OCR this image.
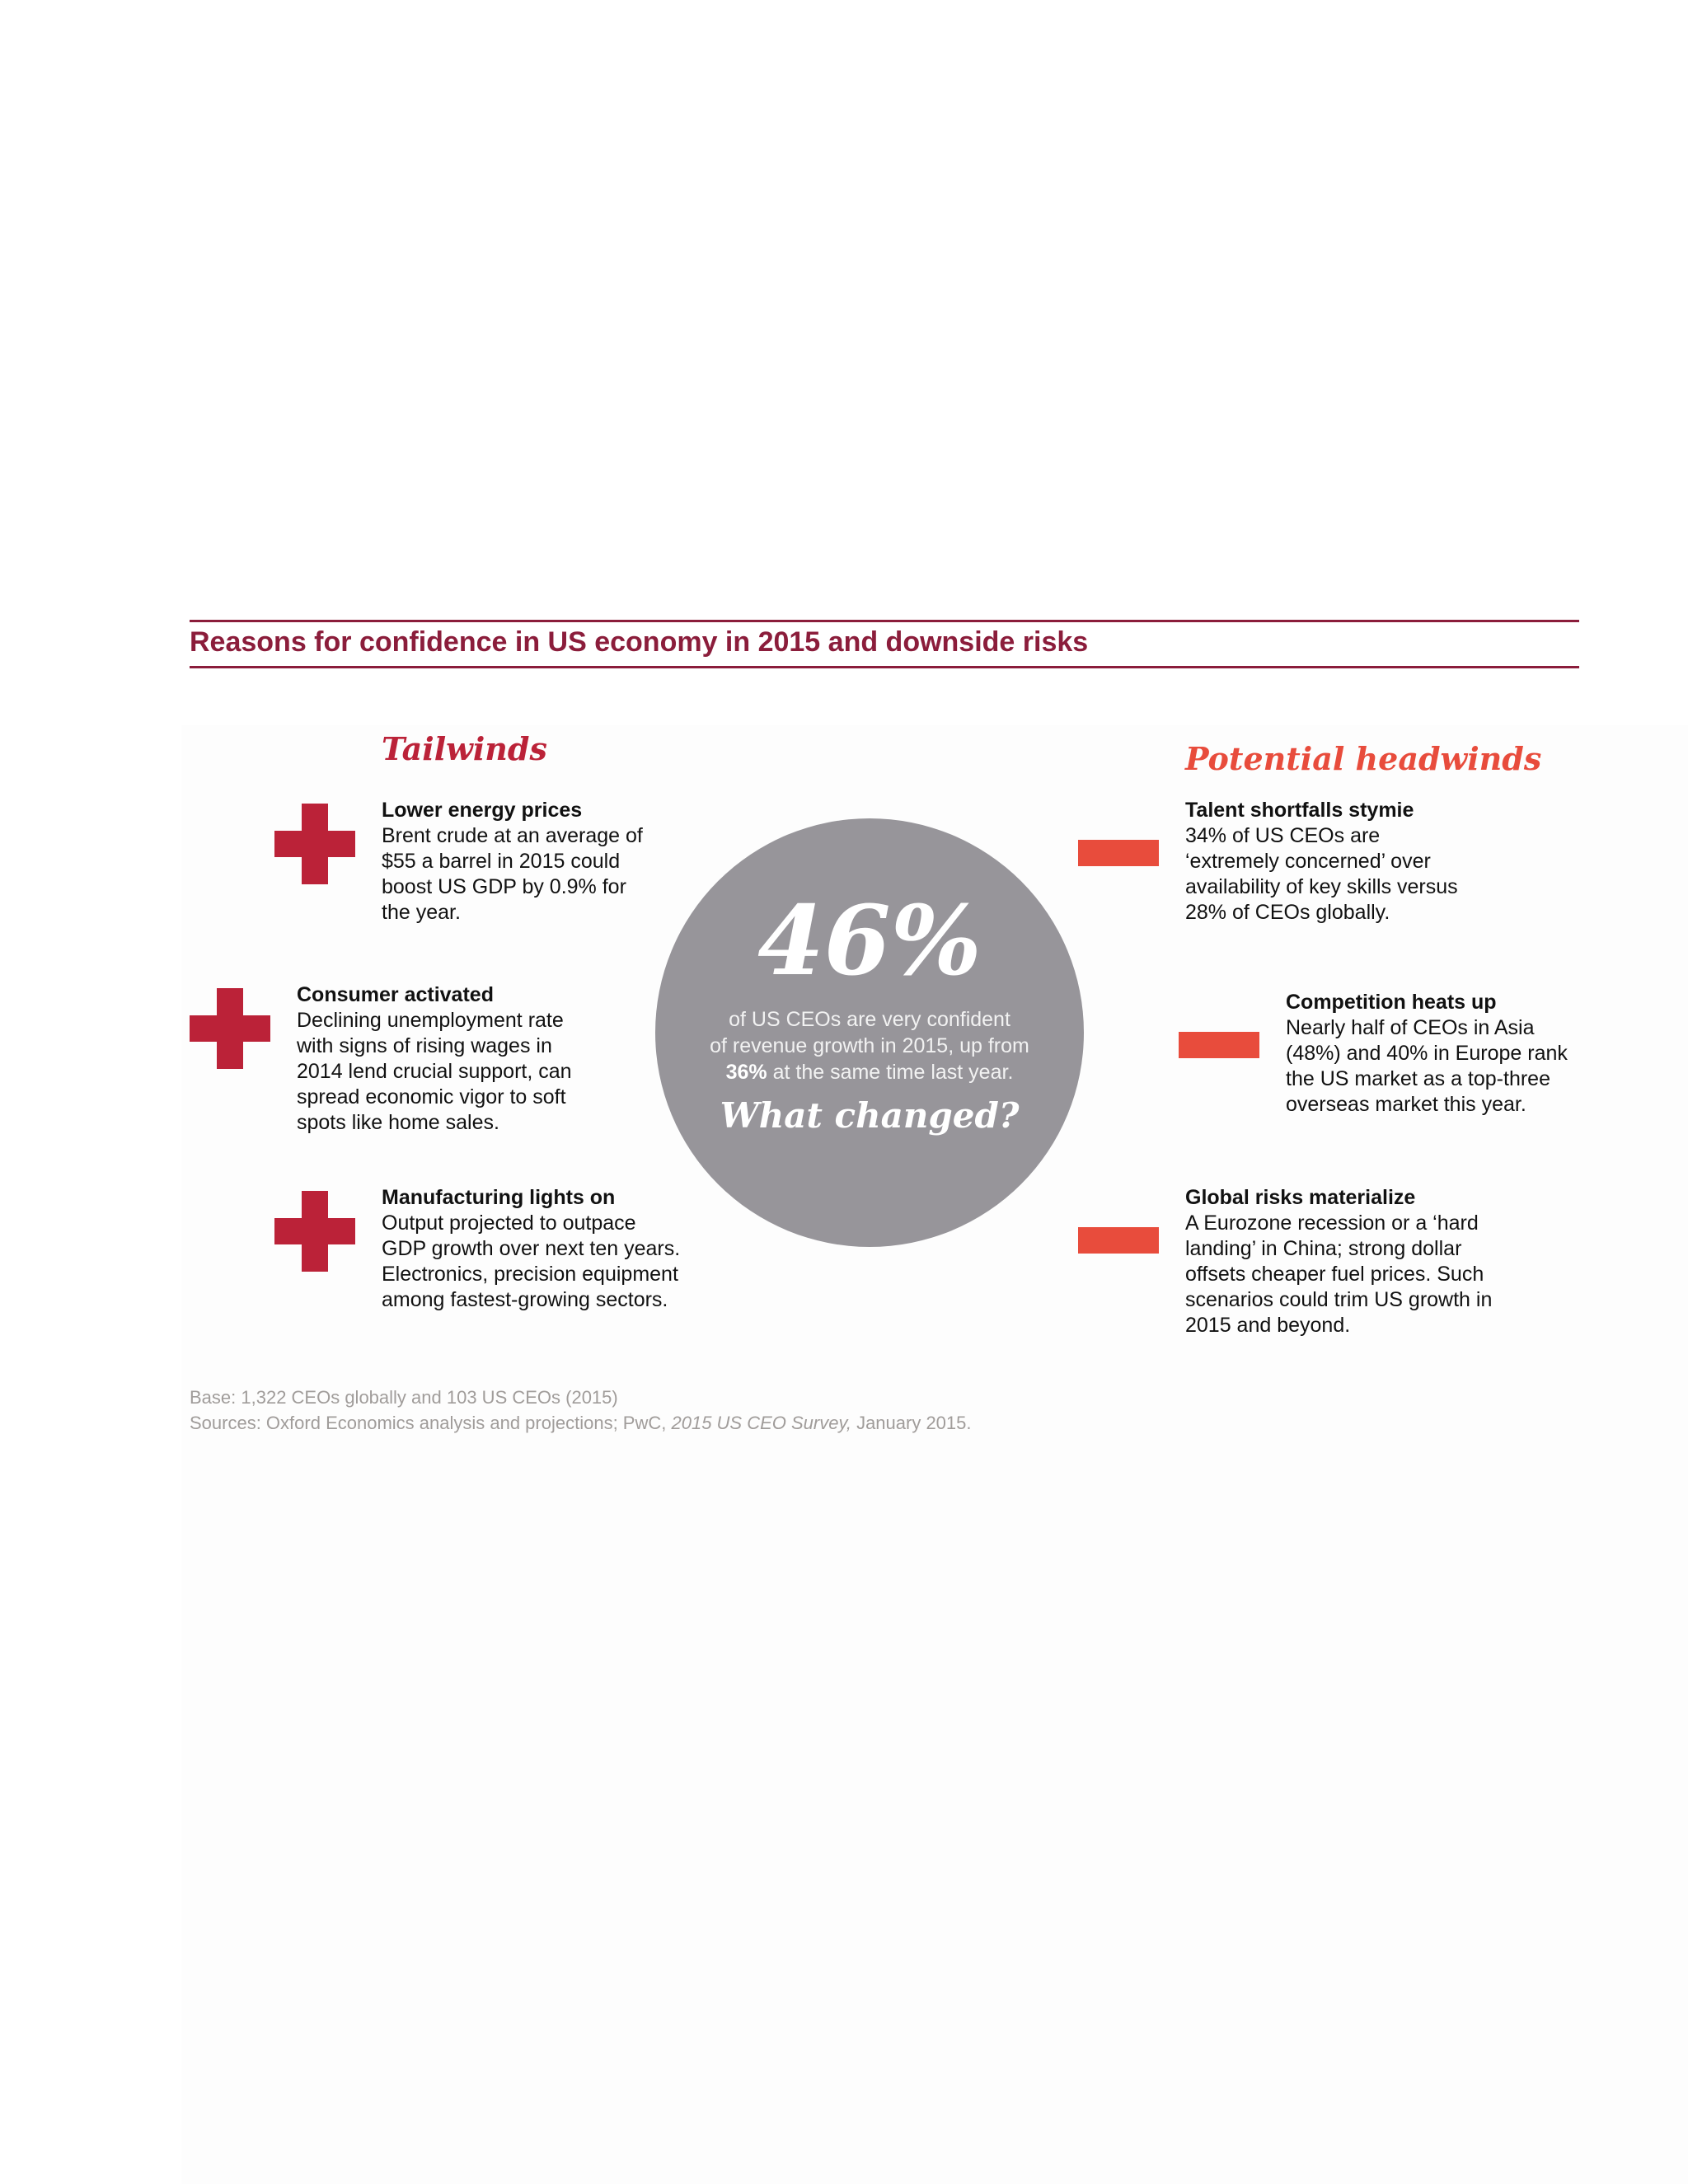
Reasons for confidence in US economy in 2015 and downside risks
Tailwinds	Potential headwinds
Lower energy prices
Brent crude at an average of
$55 a barrel in 2015 could
boost US GDP by 0.9% for
the year.
Consumer activated
Declining unemployment rate
with signs of rising wages in
2014 lend crucial support, can
spread economic vigor to soft
spots like home sales.
Manufacturing lights on
Output projected to outpace
GDP growth over next ten years.
Electronics, precision equipment
among fastest-growing sectors.
46%
of US CEOs are very confident
of revenue growth in 2015, up from
36% at the same time last year.
What changed?
Talent shortfalls stymie
34% of US CEOs are
‘extremely concerned’ over
availability of key skills versus
28% of CEOs globally.
Competition heats up
Nearly half of CEOs in Asia
(48%) and 40% in Europe rank
the US market as a top-three
overseas market this year.
Global risks materialize
A Eurozone recession or a ‘hard
landing’ in China; strong dollar
offsets cheaper fuel prices. Such
scenarios could trim US growth in
2015 and beyond.
Base: 1,322 CEOs globally and 103 US CEOs (2015)
Sources: Oxford Economics analysis and projections; PwC, 2015 US CEO Survey, January 2015.
